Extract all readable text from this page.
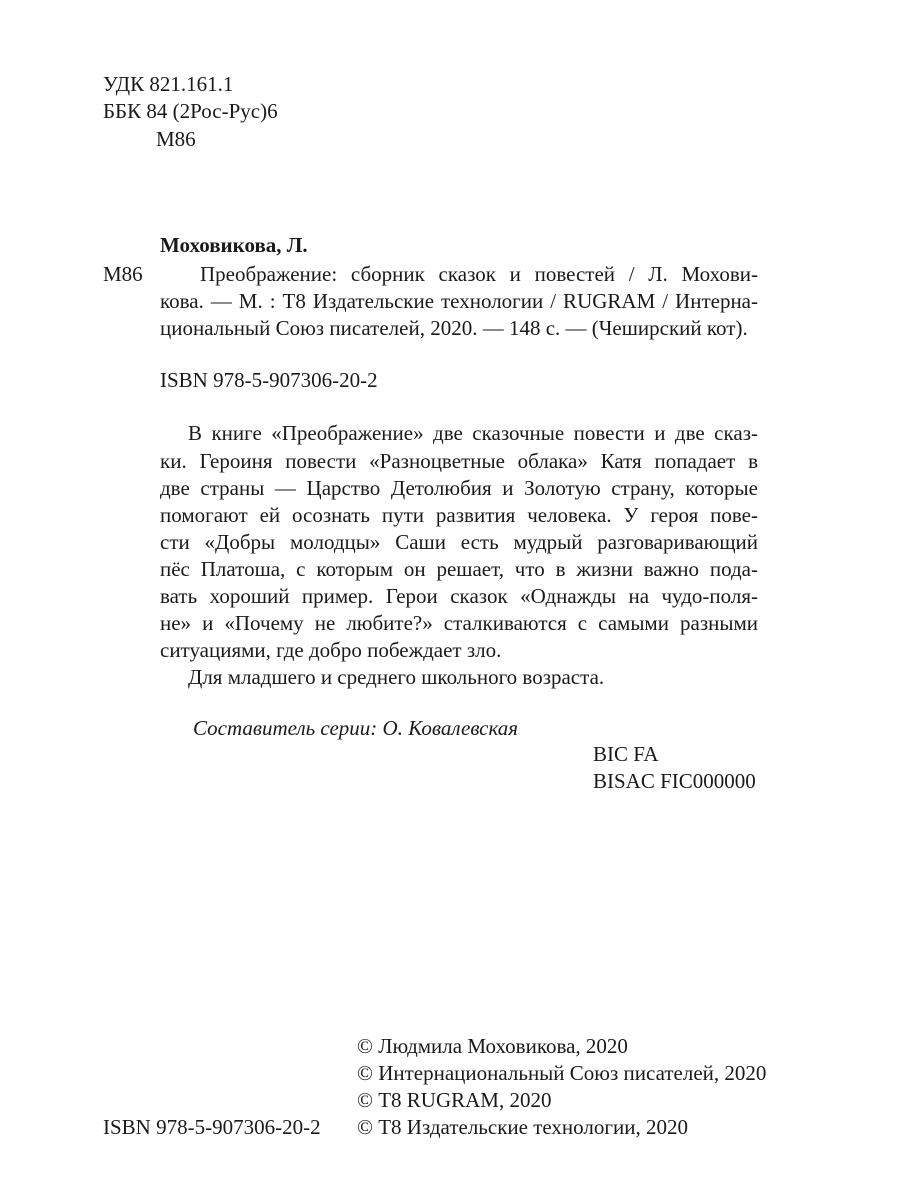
УДК 821.161.1
ББК 84 (2Рос-Рус)6
М86
Моховикова, Л.
М86	Преображение: сборник сказок и повестей / Л. Мохови-
кова. — М. : Т8 Издательские технологии / RUGRAM / Интерна-
циональный Союз писателей, 2020. — 148 с. — (Чеширский кот).
ISBN 978-5-907306-20-2
В книге «Преображение» две сказочные повести и две сказ-
ки. Героиня повести «Разноцветные облака» Катя попадает в
две страны — Царство Детолюбия и Золотую страну, которые
помогают ей осознать пути развития человека. У героя пове-
сти «Добры молодцы» Саши есть мудрый разговаривающий
пёс Платоша, с которым он решает, что в жизни важно пода-
вать хороший пример. Герои сказок «Однажды на чудо-поля-
не» и «Почему не любите?» сталкиваются с самыми разными
ситуациями, где добро побеждает зло.
Для младшего и среднего школьного возраста.
Составитель серии: О. Ковалевская
BIC FA
BISAC FIC000000
© Людмила Моховикова, 2020
© Интернациональный Союз писателей, 2020
© Т8 RUGRAM, 2020
ISBN 978-5-907306-20-2 © Т8 Издательские технологии, 2020
